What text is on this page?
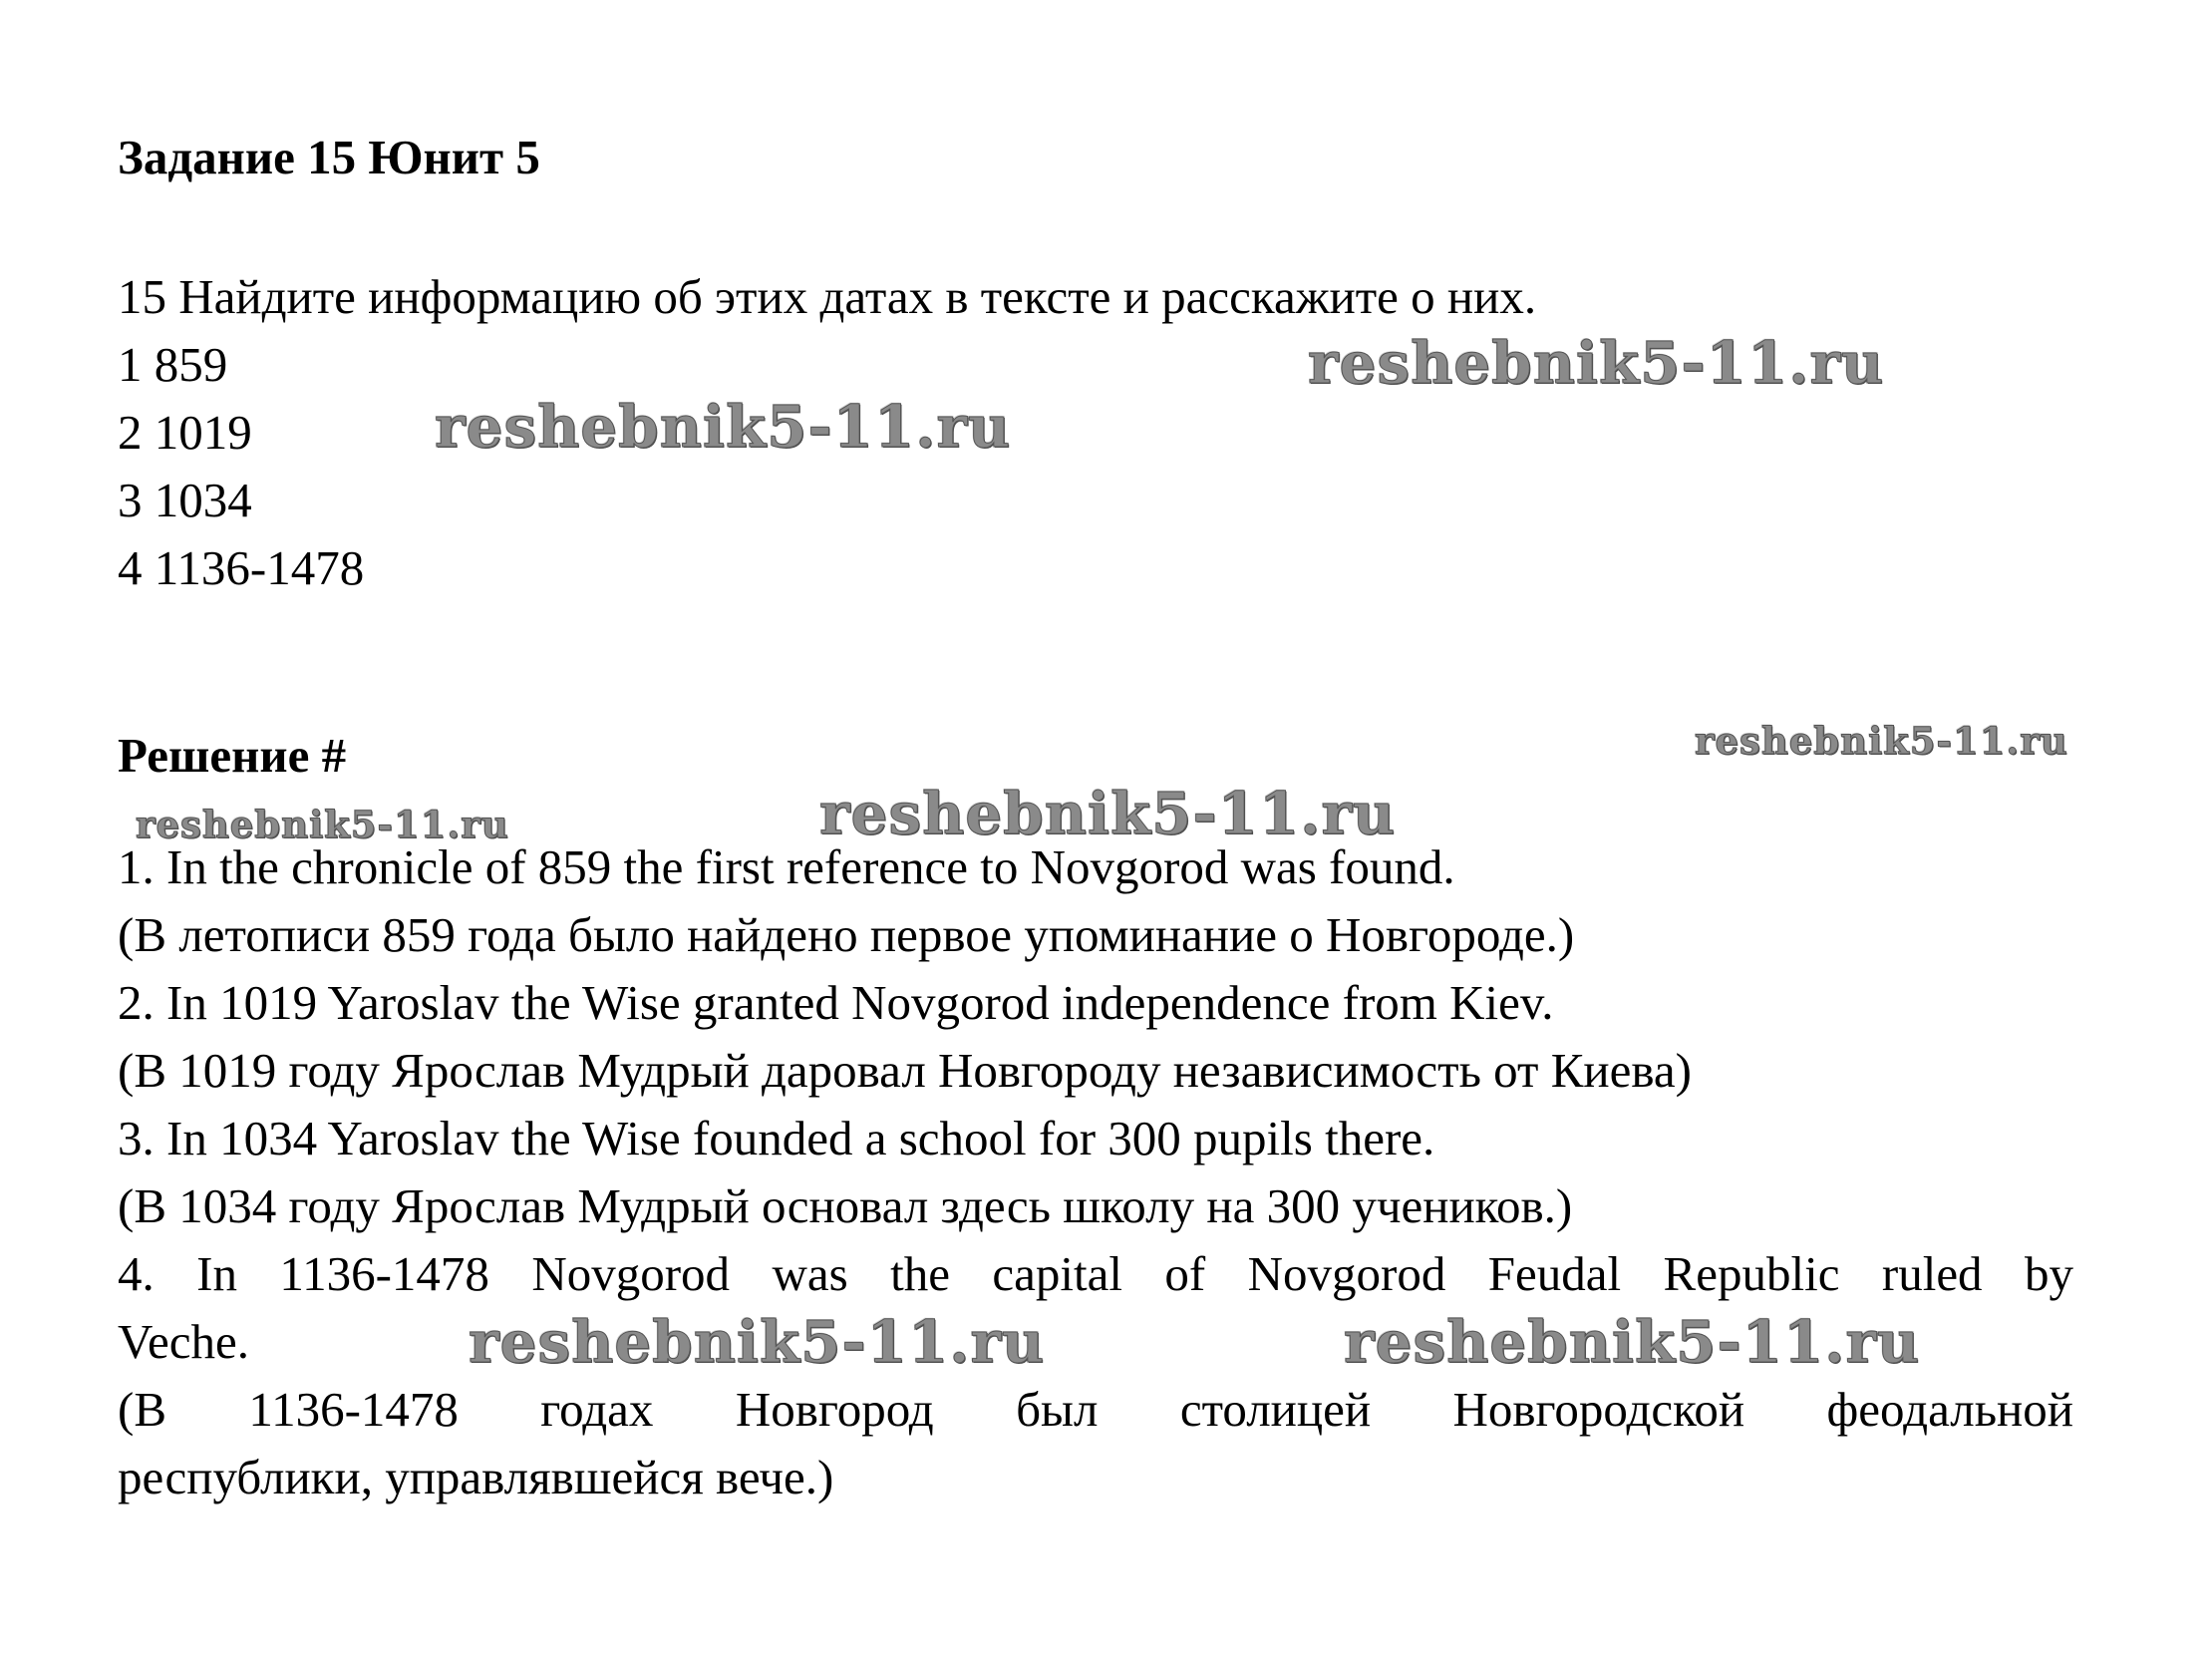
Задание 15 Юнит 5
15 Найдите информацию об этих датах в тексте и расскажите о них.
1 859
2 1019
3 1034
4 1136-1478
Решение #
1. In the chronicle of 859 the first reference to Novgorod was found.
(В летописи 859 года было найдено первое упоминание о Новгороде.)
2. In 1019 Yaroslav the Wise granted Novgorod independence from Kiev.
(В 1019 году Ярослав Мудрый даровал Новгороду независимость от Киева)
3. In 1034 Yaroslav the Wise founded a school for 300 pupils there.
(В 1034 году Ярослав Мудрый основал здесь школу на 300 учеников.)
4. In 1136-1478 Novgorod was the capital of Novgorod Feudal Republic ruled by
Veche.
(В 1136-1478 годах Новгород был столицей Новгородской феодальной
республики, управлявшейся вече.)
reshebnik5-11.ru
reshebnik5-11.ru
reshebnik5-11.ru
reshebnik5-11.ru	reshebnik5-11.ru
reshebnik5-11.ru	reshebnik5-11.ru
